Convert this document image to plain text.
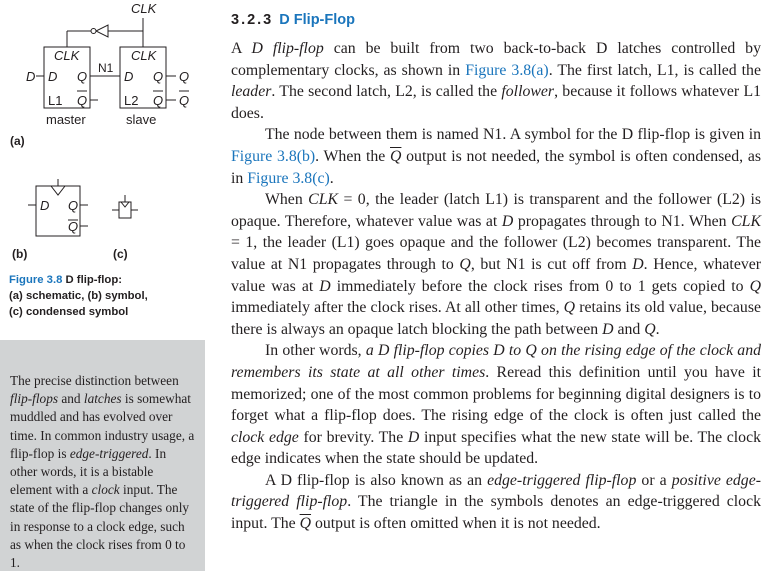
CLK
CLK	CLK
D D Q
Q
L1
N1
D Q
Q
L2
Q
Q
master	slave
(a)
D Q
Q
(b)	(c)
Figure 3.8 D flip-flop:
(a) schematic, (b) symbol,
(c) condensed symbol

The precise distinction between flip-flops and latches is somewhat muddled and has evolved over time. In common industry usage, a flip-flop is edge-triggered. In other words, it is a bistable element with a clock input. The state of the flip-flop changes only in response to a clock edge, such as when the clock rises from 0 to 1.

3.2.3 D Flip-Flop

A D flip-flop can be built from two back-to-back D latches controlled by complementary clocks, as shown in Figure 3.8(a). The first latch, L1, is called the leader. The second latch, L2, is called the follower, because it follows whatever L1 does.

The node between them is named N1. A symbol for the D flip-flop is given in Figure 3.8(b). When the $\overline{Q}$ output is not needed, the symbol is often condensed, as in Figure 3.8(c).

When CLK = 0, the leader (latch L1) is transparent and the follower (L2) is opaque. Therefore, whatever value was at D propagates through to N1. When CLK = 1, the leader (L1) goes opaque and the follower (L2) becomes transparent. The value at N1 propagates through to Q, but N1 is cut off from D. Hence, whatever value was at D immediately before the clock rises from 0 to 1 gets copied to Q immediately after the clock rises. At all other times, Q retains its old value, because there is always an opaque latch blocking the path between D and Q.

In other words, a D flip-flop copies D to Q on the rising edge of the clock and remembers its state at all other times. Reread this definition until you have it memorized; one of the most common problems for beginning digital designers is to forget what a flip-flop does. The rising edge of the clock is often just called the clock edge for brevity. The D input specifies what the new state will be. The clock edge indicates when the state should be updated.

A D flip-flop is also known as an edge-triggered flip-flop or a positive edge-triggered flip-flop. The triangle in the symbols denotes an edge-triggered clock input. The $\overline{Q}$ output is often omitted when it is not needed.
